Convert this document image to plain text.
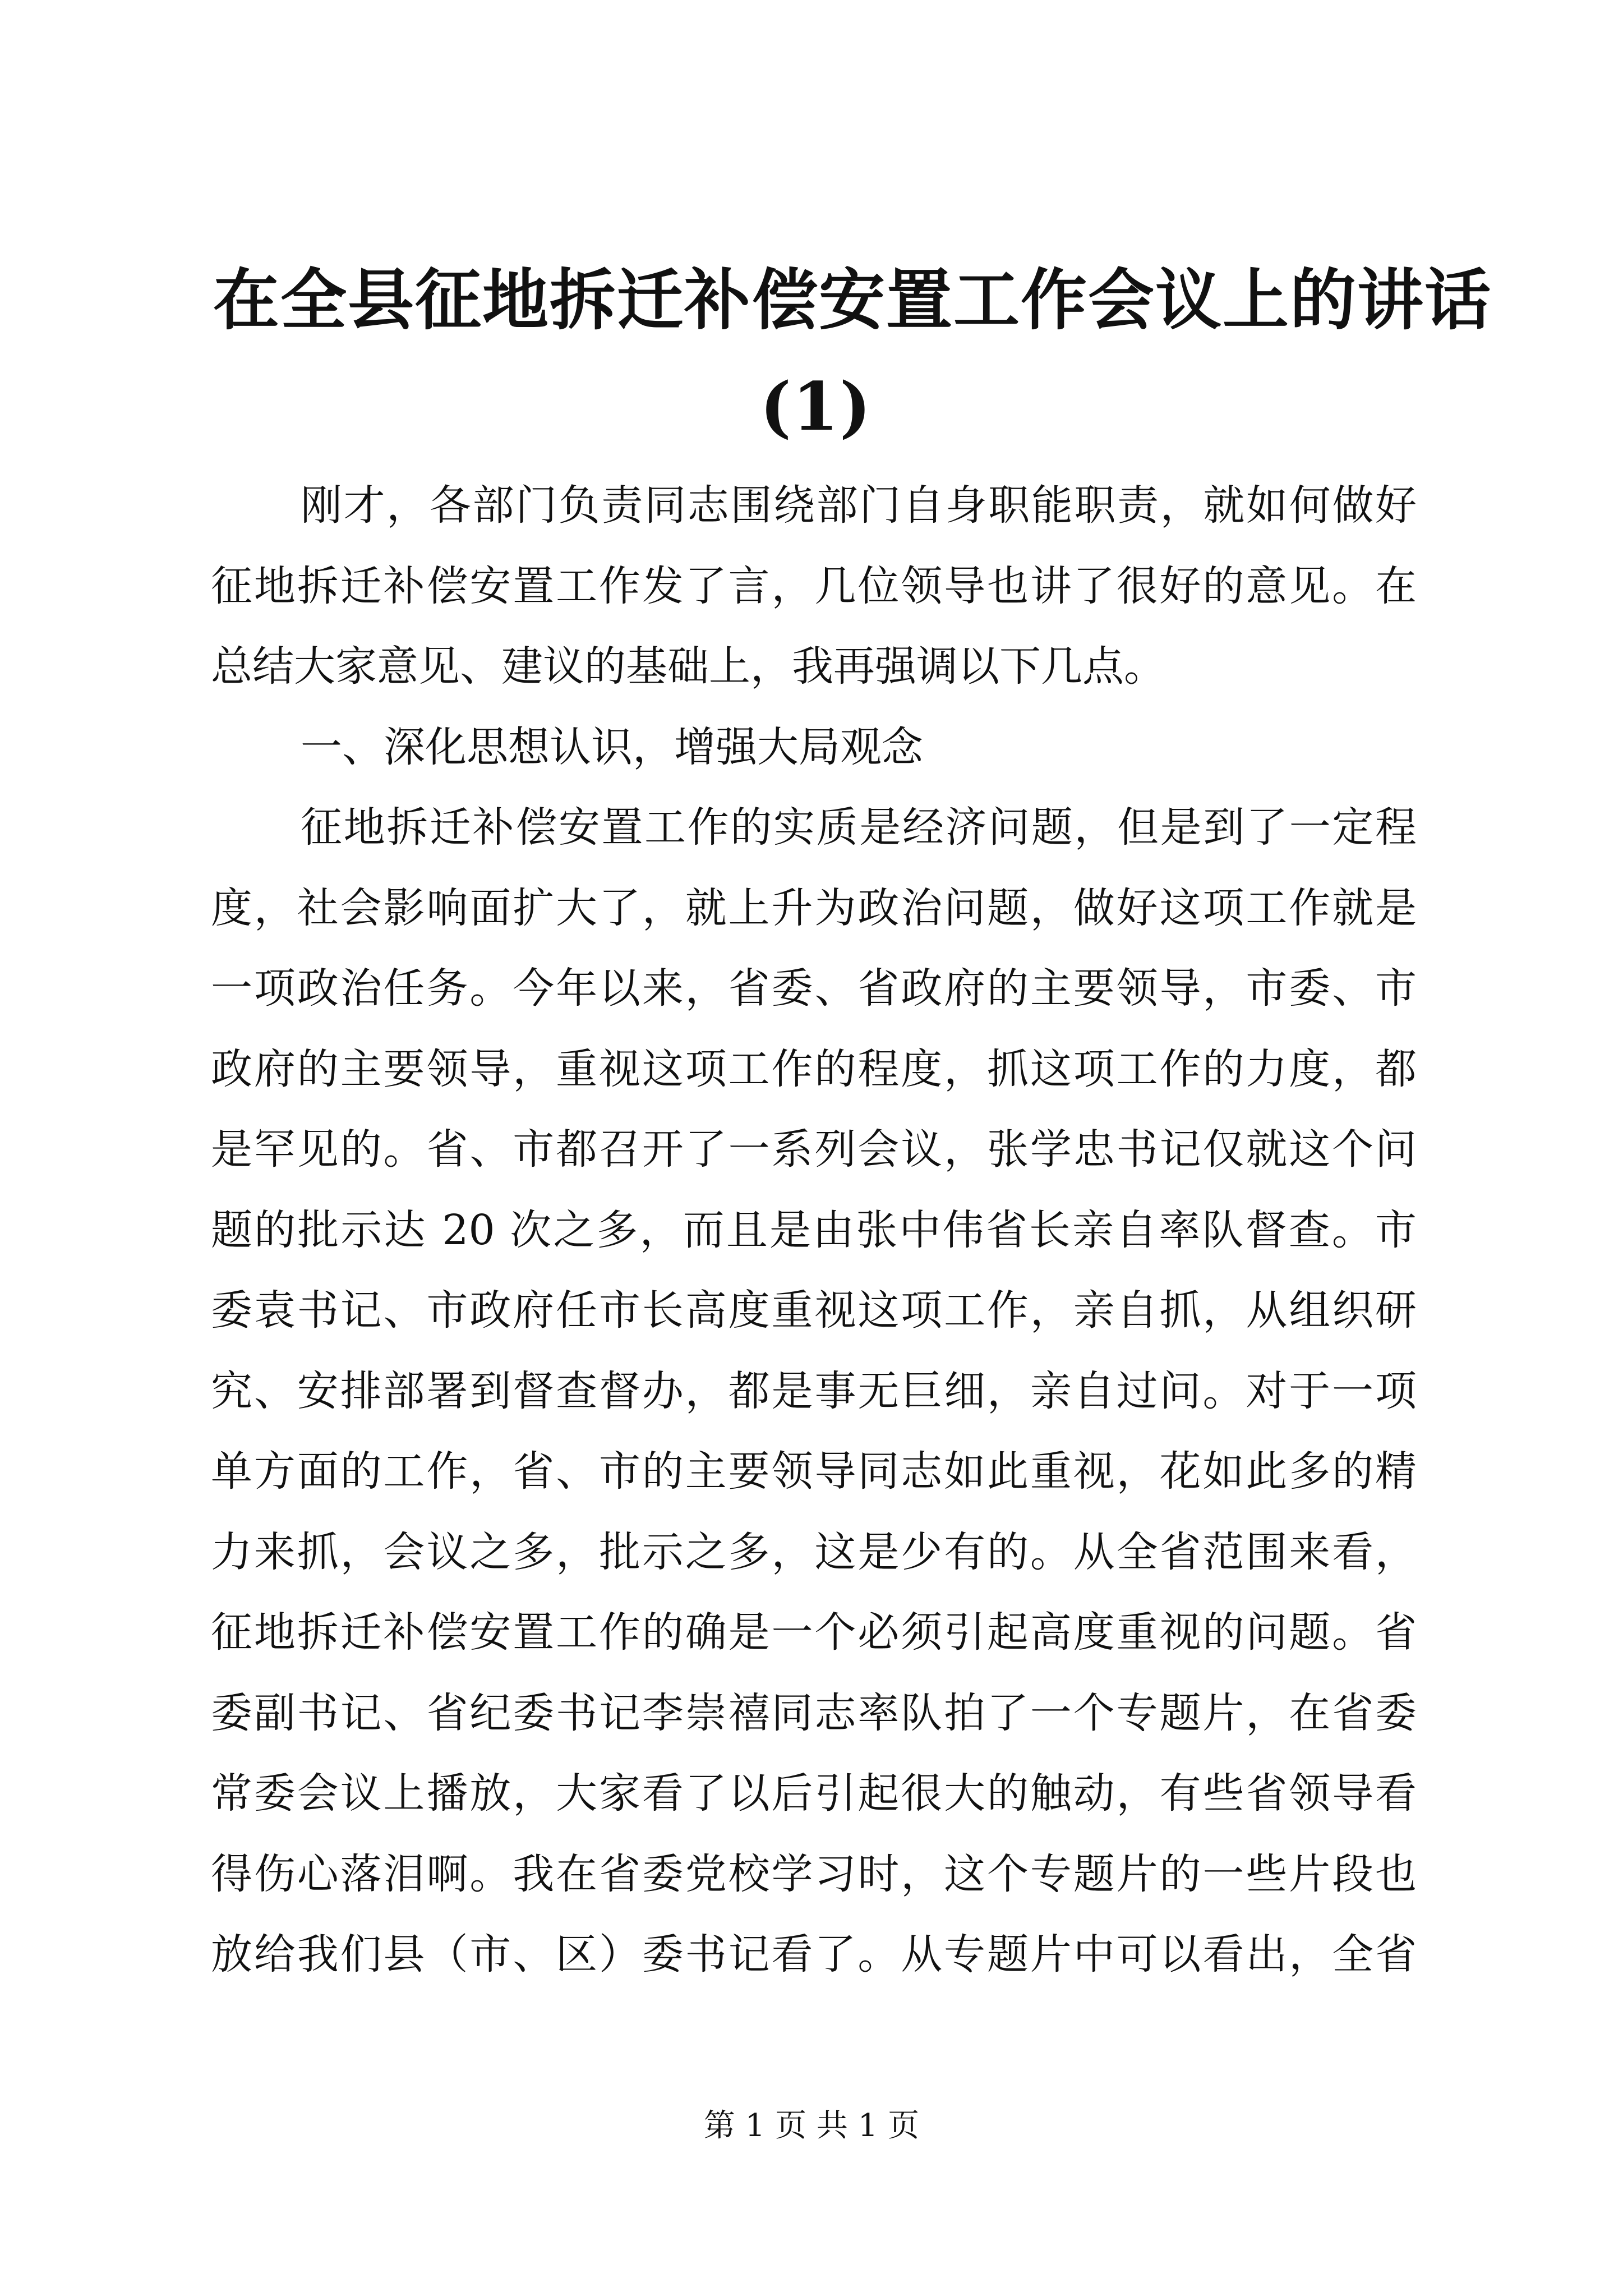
在全县征地拆迁补偿安置工作会议上的讲话
(1)
刚才，各部门负责同志围绕部门自身职能职责，就如何做好
征地拆迁补偿安置工作发了言，几位领导也讲了很好的意见。在
总结大家意见、建议的基础上，我再强调以下几点。
一、深化思想认识，增强大局观念
征地拆迁补偿安置工作的实质是经济问题，但是到了一定程
度，社会影响面扩大了，就上升为政治问题，做好这项工作就是
一项政治任务。今年以来，省委、省政府的主要领导，市委、市
政府的主要领导，重视这项工作的程度，抓这项工作的力度，都
是罕见的。省、市都召开了一系列会议，张学忠书记仅就这个问
题的批示达 20 次之多，而且是由张中伟省长亲自率队督查。市
委袁书记、市政府任市长高度重视这项工作，亲自抓，从组织研
究、安排部署到督查督办，都是事无巨细，亲自过问。对于一项
单方面的工作，省、市的主要领导同志如此重视，花如此多的精
力来抓，会议之多，批示之多，这是少有的。从全省范围来看，
征地拆迁补偿安置工作的确是一个必须引起高度重视的问题。省
委副书记、省纪委书记李崇禧同志率队拍了一个专题片，在省委
常委会议上播放，大家看了以后引起很大的触动，有些省领导看
得伤心落泪啊。我在省委党校学习时，这个专题片的一些片段也
放给我们县（市、区）委书记看了。从专题片中可以看出，全省
第 1 页 共 1 页
